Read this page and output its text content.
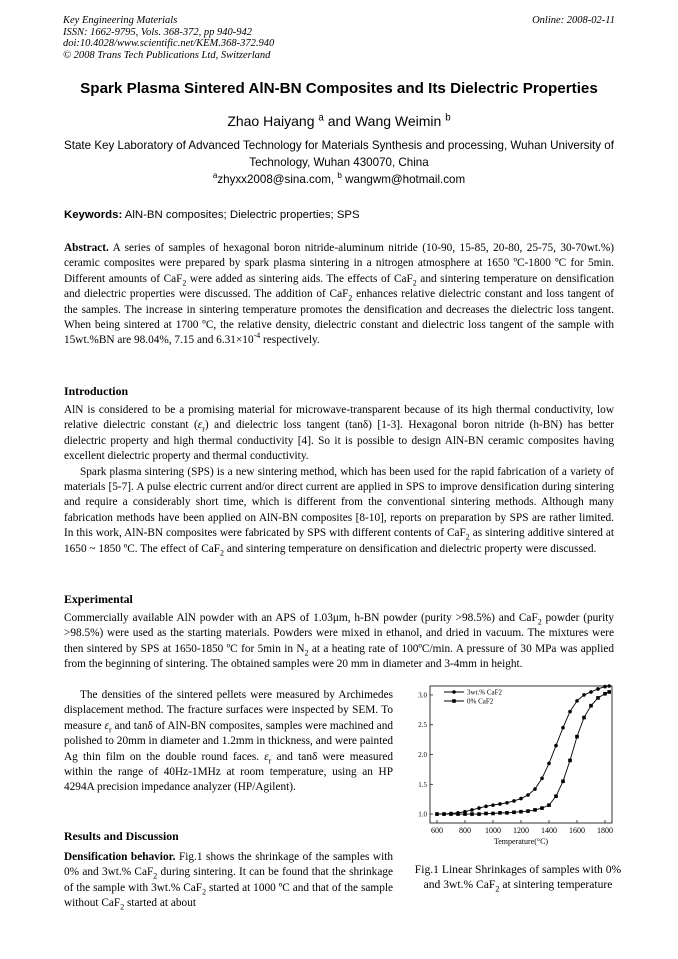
Key Engineering Materials
ISSN: 1662-9795, Vols. 368-372, pp 940-942
doi:10.4028/www.scientific.net/KEM.368-372.940
© 2008 Trans Tech Publications Ltd, Switzerland
Online: 2008-02-11
Spark Plasma Sintered AlN-BN Composites and Its Dielectric Properties
Zhao Haiyang $^a$ and Wang Weimin $^b$
State Key Laboratory of Advanced Technology for Materials Synthesis and processing, Wuhan University of Technology, Wuhan 430070, China
$^a$zhyxx2008@sina.com, $^b$ wangwm@hotmail.com
Keywords: AlN-BN composites; Dielectric properties; SPS

Abstract. A series of samples of hexagonal boron nitride-aluminum nitride (10-90, 15-85, 20-80, 25-75, 30-70wt.%) ceramic composites were prepared by spark plasma sintering in a nitrogen atmosphere at 1650 ºC-1800 ºC for 5min. Different amounts of CaF$_2$ were added as sintering aids. The effects of CaF$_2$ and sintering temperature on densification and dielectric properties were discussed. The addition of CaF$_2$ enhances relative dielectric constant and loss tangent of the samples. The increase in sintering temperature promotes the densification and decreases the dielectric loss tangent. When being sintered at 1700 ºC, the relative density, dielectric constant and dielectric loss tangent of the sample with 15wt.%BN are 98.04%, 7.15 and $6.31\times 10^{-4}$ respectively.

Introduction

AlN is considered to be a promising material for microwave-transparent because of its high thermal conductivity, low relative dielectric constant $(\varepsilon_r)$ and dielectric loss tangent (tanδ) [1-3]. Hexagonal boron nitride (h-BN) has better dielectric property and high thermal conductivity [4]. So it is possible to design AlN-BN ceramic composites having excellent dielectric property and thermal conductivity.

Spark plasma sintering (SPS) is a new sintering method, which has been used for the rapid fabrication of a variety of materials [5-7]. A pulse electric current and/or direct current are applied in SPS to improve densification during sintering and require a considerably short time, which is different from the conventional sintering methods. Although many fabrication methods have been applied on AlN-BN composites [8-10], reports on preparation by SPS are rather limited. In this work, AlN-BN composites were fabricated by SPS with different contents of CaF$_2$ as sintering additive sintered at 1650 ~ 1850 ºC. The effect of CaF$_2$ and sintering temperature on densification and dielectric property were discussed.

Experimental

Commercially available AlN powder with an APS of 1.03μm, h-BN powder (purity >98.5%) and CaF$_2$ powder (purity >98.5%) were used as the starting materials. Powders were mixed in ethanol, and dried in vacuum. The mixtures were then sintered by SPS at 1650-1850 ºC for 5min in $N_2$ at a heating rate of 100ºC/min. A pressure of 30 MPa was applied from the beginning of sintering. The obtained samples were 20 mm in diameter and 3-4mm in height.

The densities of the sintered pellets were measured by Archimedes displacement method. The fracture surfaces were inspected by SEM. To measure $\varepsilon_r$ and tanδ of AlN-BN composites, samples were machined and polished to 20mm in diameter and 1.2mm in thickness, and were painted Ag thin film on the double round faces. $\varepsilon_r$ and tanδ were measured within the range of 40Hz-1MHz at room temperature, using an HP 4294A precision impedance analyzer (HP/Agilent).

Results and Discussion

Densification behavior. Fig.1 shows the shrinkage of the samples with 0% and 3wt.% CaF$_2$ during sintering. It can be found that the shrinkage of the sample with 3wt.% CaF$_2$ started at 1000 ºC and that of the sample without CaF$_2$ started at about

600 800 1000 1200 1400 1600 1800
1.0
1.5
2.0
2.5
3.0
Temperature(°C)
3wt.% CaF2
0% CaF2
Fig.1 Linear Shrinkages of samples with 0% and 3wt.% CaF$_2$ at sintering temperature
